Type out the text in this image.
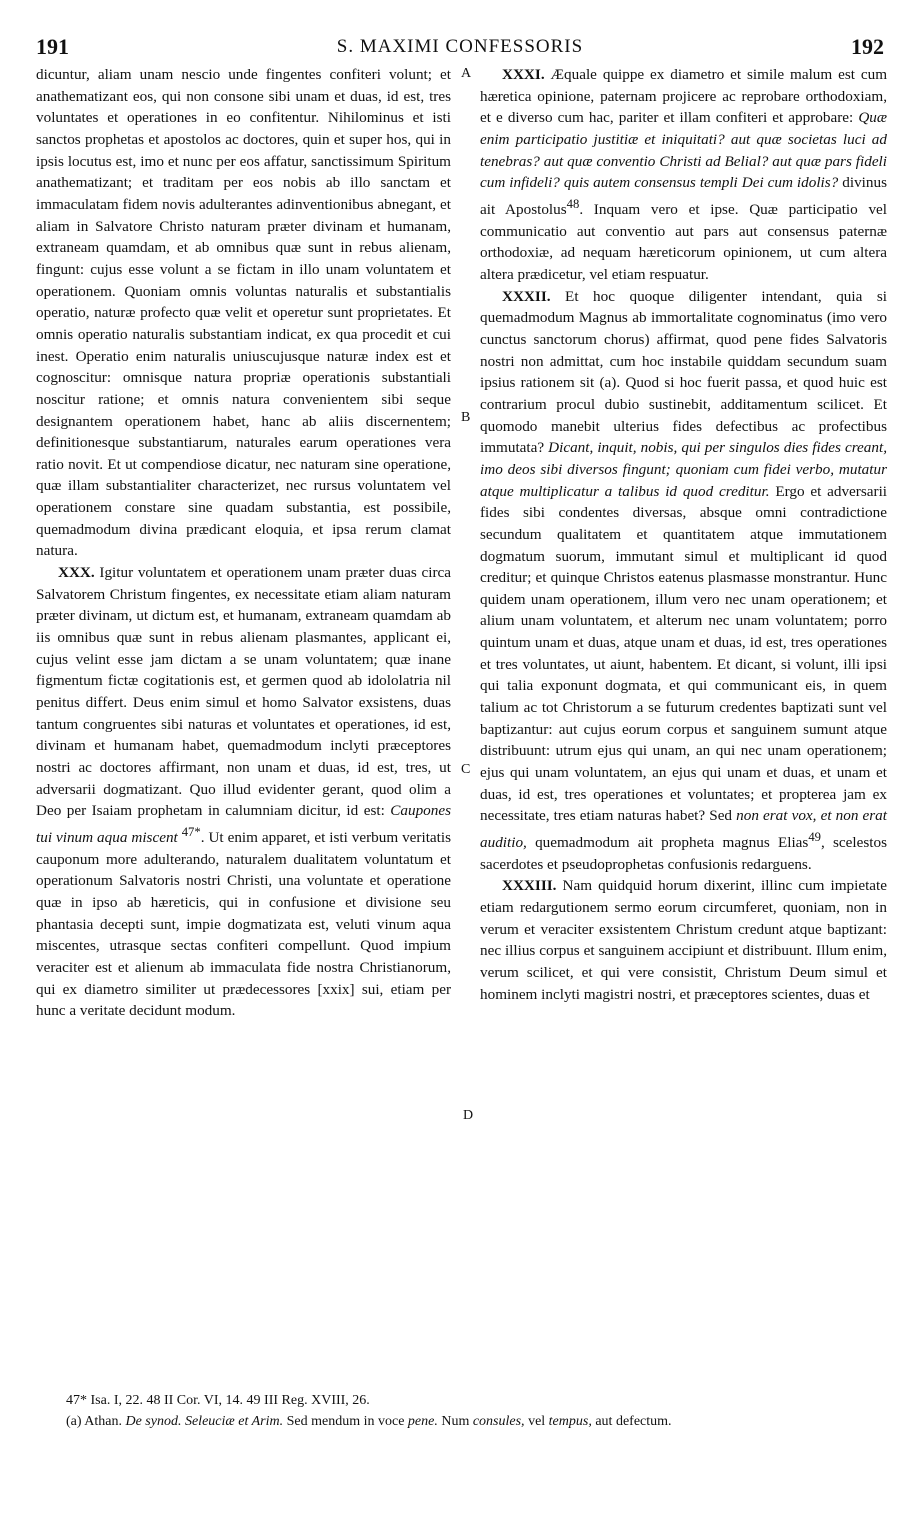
191	S. MAXIMI CONFESSORIS	192
A
B
C
D

dicuntur, aliam unam nescio unde fingentes confiteri volunt; et anathematizant eos, qui non consone sibi unam et duas, id est, tres voluntates et operationes in eo confitentur. Nihilominus et isti sanctos prophetas et apostolos ac doctores, quin et super hos, qui in ipsis locutus est, imo et nunc per eos affatur, sanctissimum Spiritum anathematizant; et traditam per eos nobis ab illo sanctam et immaculatam fidem novis adulterantes adinventionibus abnegant, et aliam in Salvatore Christo naturam præter divinam et humanam, extraneam quamdam, et ab omnibus quæ sunt in rebus alienam, fingunt: cujus esse volunt a se fictam in illo unam voluntatem et operationem. Quoniam omnis voluntas naturalis et substantialis operatio, naturæ profecto quæ velit et operetur sunt proprietates. Et omnis operatio naturalis substantiam indicat, ex qua procedit et cui inest. Operatio enim naturalis uniuscujusque naturæ index est et cognoscitur: omnisque natura propriæ operationis substantiali noscitur ratione; et omnis natura convenientem sibi seque designantem operationem habet, hanc ab aliis discernentem; definitionesque substantiarum, naturales earum operationes vera ratio novit. Et ut compendiose dicatur, nec naturam sine operatione, quæ illam substantialiter characterizet, nec rursus voluntatem vel operationem constare sine quadam substantia, est possibile, quemadmodum divina prædicant eloquia, et ipsa rerum clamat natura.

XXX. Igitur voluntatem et operationem unam præter duas circa Salvatorem Christum fingentes, ex necessitate etiam aliam naturam præter divinam, ut dictum est, et humanam, extraneam quamdam ab iis omnibus quæ sunt in rebus alienam plasmantes, applicant ei, cujus velint esse jam dictam a se unam voluntatem; quæ inane figmentum fictæ cogitationis est, et germen quod ab idololatria nil penitus differt. Deus enim simul et homo Salvator exsistens, duas tantum congruentes sibi naturas et voluntates et operationes, id est, divinam et humanam habet, quemadmodum inclyti præceptores nostri ac doctores affirmant, non unam et duas, id est, tres, ut adversarii dogmatizant. Quo illud evidenter gerant, quod olim a Deo per Isaiam prophetam in calumniam dicitur, id est: Caupones tui vinum aqua miscent $^{47*}$. Ut enim apparet, et isti verbum veritatis cauponum more adulterando, naturalem dualitatem voluntatum et operationum Salvatoris nostri Christi, una voluntate et operatione quæ in ipso ab hæreticis, qui in confusione et divisione seu phantasia decepti sunt, impie dogmatizata est, veluti vinum aqua miscentes, utrasque sectas confiteri compellunt. Quod impium veraciter est et alienum ab immaculata fide nostra Christianorum, qui ex diametro similiter ut prædecessores [xxix] sui, etiam per hunc a veritate decidunt modum.

XXXI. Æquale quippe ex diametro et simile malum est cum hæretica opinione, paternam projicere ac reprobare orthodoxiam, et e diverso cum hac, pariter et illam confiteri et approbare: Quæ enim participatio justitiæ et iniquitati? aut quæ societas luci ad tenebras? aut quæ conventio Christi ad Belial? aut quæ pars fideli cum infideli? quis autem consensus templi Dei cum idolis? divinus ait Apostolus$^{48}$. Inquam vero et ipse. Quæ participatio vel communicatio aut conventio aut pars aut consensus paternæ orthodoxiæ, ad nequam hæreticorum opinionem, ut cum altera altera prædicetur, vel etiam respuatur.

XXXII. Et hoc quoque diligenter intendant, quia si quemadmodum Magnus ab immortalitate cognominatus (imo vero cunctus sanctorum chorus) affirmat, quod pene fides Salvatoris nostri non admittat, cum hoc instabile quiddam secundum suam ipsius rationem sit (a). Quod si hoc fuerit passa, et quod huic est contrarium procul dubio sustinebit, additamentum scilicet. Et quomodo manebit ulterius fides defectibus ac profectibus immutata? Dicant, inquit, nobis, qui per singulos dies fides creant, imo deos sibi diversos fingunt; quoniam cum fidei verbo, mutatur atque multiplicatur a talibus id quod creditur. Ergo et adversarii fides sibi condentes diversas, absque omni contradictione secundum qualitatem et quantitatem atque immutationem dogmatum suorum, immutant simul et multiplicant id quod creditur; et quinque Christos eatenus plasmasse monstrantur. Hunc quidem unam operationem, illum vero nec unam operationem; et alium unam voluntatem, et alterum nec unam voluntatem; porro quintum unam et duas, atque unam et duas, id est, tres operationes et tres voluntates, ut aiunt, habentem. Et dicant, si volunt, illi ipsi qui talia exponunt dogmata, et qui communicant eis, in quem talium ac tot Christorum a se futurum credentes baptizati sunt vel baptizantur: aut cujus eorum corpus et sanguinem sumunt atque distribuunt: utrum ejus qui unam, an qui nec unam operationem; ejus qui unam voluntatem, an ejus qui unam et duas, et unam et duas, id est, tres operationes et voluntates; et propterea jam ex necessitate, tres etiam naturas habet? Sed non erat vox, et non erat auditio, quemadmodum ait propheta magnus Elias$^{49}$, scelestos sacerdotes et pseudoprophetas confusionis redarguens.

XXXIII. Nam quidquid horum dixerint, illinc cum impietate etiam redargutionem sermo eorum circumferet, quoniam, non in verum et veraciter exsistentem Christum credunt atque baptizant: nec illius corpus et sanguinem accipiunt et distribuunt. Illum enim, verum scilicet, et qui vere consistit, Christum Deum simul et hominem inclyti magistri nostri, et præceptores scientes, duas et

47* Isa. I, 22. 48 II Cor. VI, 14. 49 III Reg. XVIII, 26.

(a) Athan. De synod. Seleuciæ et Arim. Sed mendum in voce pene. Num consules, vel tempus, aut defectum.
